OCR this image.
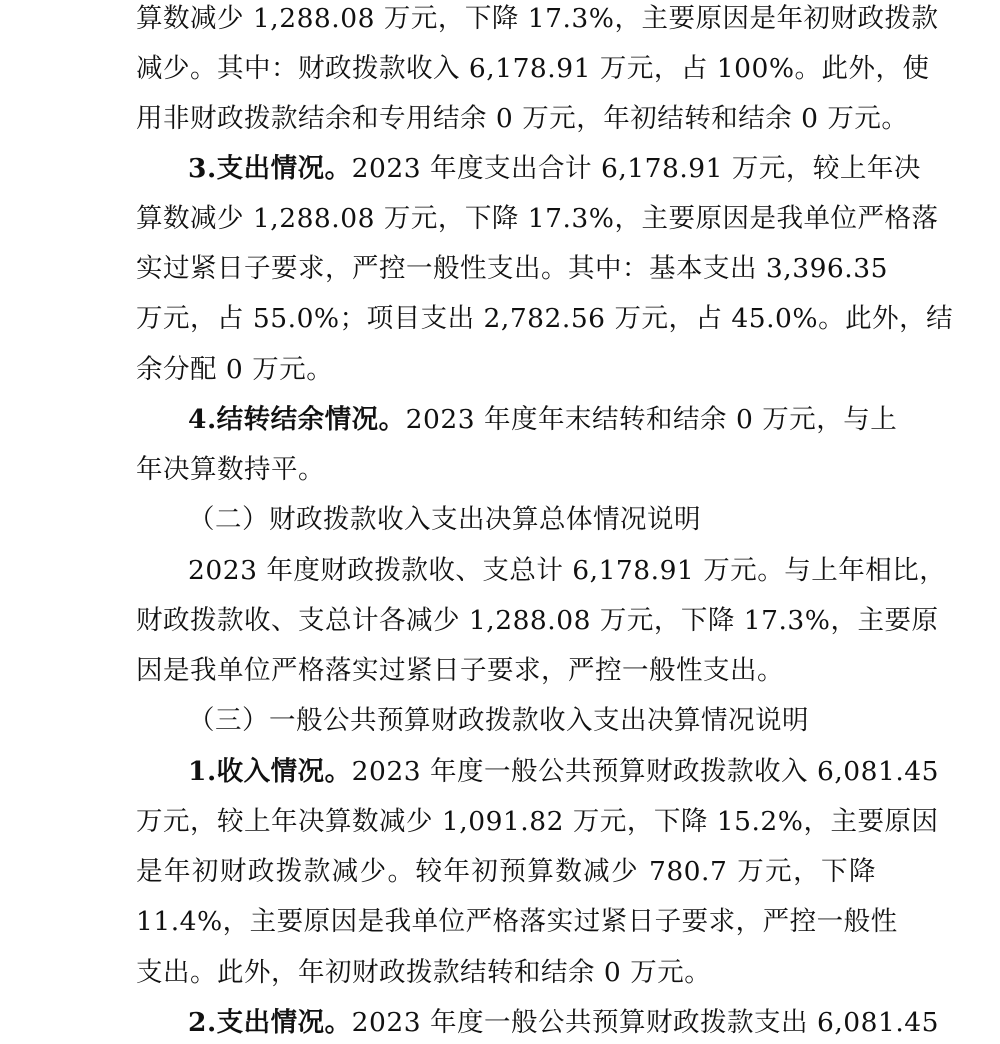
算数减少 1,288.08 万元，下降 17.3%，主要原因是年初财政拨款
减少。其中：财政拨款收入 6,178.91 万元，占 100%。此外，使
用非财政拨款结余和专用结余 0 万元，年初结转和结余 0 万元。
3.支出情况。2023 年度支出合计 6,178.91 万元，较上年决
算数减少 1,288.08 万元，下降 17.3%，主要原因是我单位严格落
实过紧日子要求，严控一般性支出。其中：基本支出 3,396.35
万元，占 55.0%；项目支出 2,782.56 万元，占 45.0%。此外，结
余分配 0 万元。
4.结转结余情况。2023 年度年末结转和结余 0 万元，与上
年决算数持平。
（二）财政拨款收入支出决算总体情况说明
2023 年度财政拨款收、支总计 6,178.91 万元。与上年相比，
财政拨款收、支总计各减少 1,288.08 万元，下降 17.3%，主要原
因是我单位严格落实过紧日子要求，严控一般性支出。
（三）一般公共预算财政拨款收入支出决算情况说明
1.收入情况。2023 年度一般公共预算财政拨款收入 6,081.45
万元，较上年决算数减少 1,091.82 万元，下降 15.2%，主要原因
是年初财政拨款减少。较年初预算数减少 780.7 万元，下降
11.4%，主要原因是我单位严格落实过紧日子要求，严控一般性
支出。此外，年初财政拨款结转和结余 0 万元。
2.支出情况。2023 年度一般公共预算财政拨款支出 6,081.45
